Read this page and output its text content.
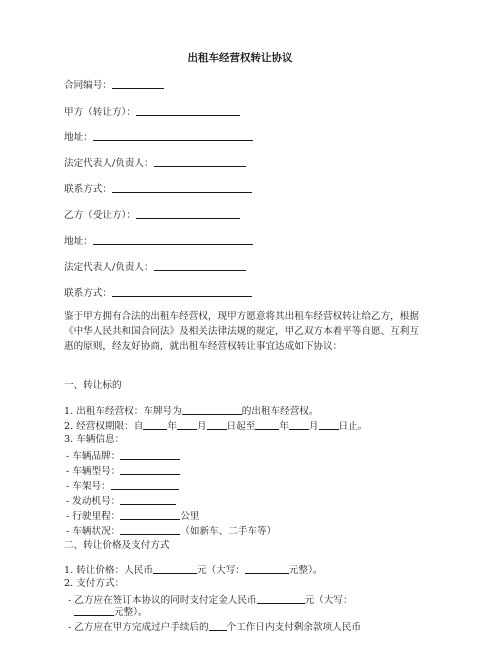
出租车经营权转让协议
合同编号：
甲方（转让方）：
地址：
法定代表人/负责人：
联系方式：
乙方（受让方）：
地址：
法定代表人/负责人：
联系方式：
鉴于甲方拥有合法的出租车经营权，现甲方愿意将其出租车经营权转让给乙方，根据《中华人民共和国合同法》及相关法律法规的规定，甲乙双方本着平等自愿、互利互惠的原则，经友好协商，就出租车经营权转让事宜达成如下协议：
一、转让标的
1. 出租车经营权：车牌号为	的出租车经营权。
2. 经营权期限：自	年 月 日起至	年 月 日止。
3. 车辆信息：
- 车辆品牌：
- 车辆型号：
- 车架号：
- 发动机号：
- 行驶里程：	公里
- 车辆状况：	（如新车、二手车等）
二、转让价格及支付方式
1. 转让价格：人民币	元（大写：	元整）。
2. 支付方式：
- 乙方应在签订本协议的同时支付定金人民币	元（大写：
元整）。
- 乙方应在甲方完成过户手续后的 个工作日内支付剩余款项人民币
